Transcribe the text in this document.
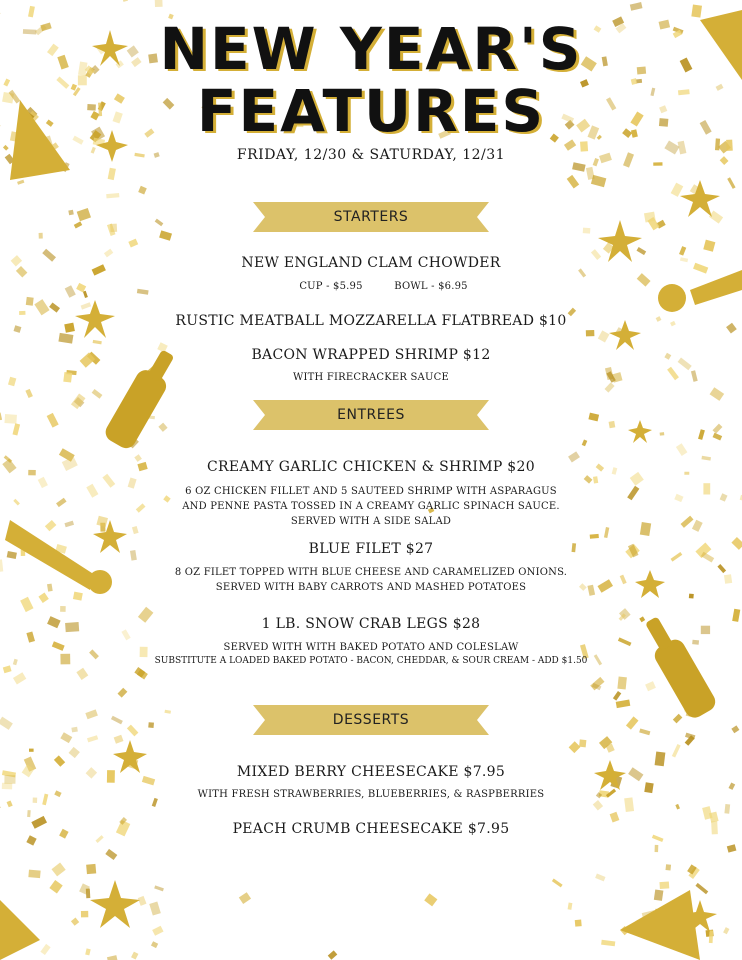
NEW YEAR'S
FEATURES
FRIDAY, 12/30 & SATURDAY, 12/31
STARTERS
NEW ENGLAND CLAM CHOWDER
CUP - $5.95	BOWL - $6.95
RUSTIC MEATBALL MOZZARELLA FLATBREAD $10
BACON WRAPPED SHRIMP $12
WITH FIRECRACKER SAUCE
ENTREES
CREAMY GARLIC CHICKEN & SHRIMP $20
6 OZ CHICKEN FILLET AND 5 SAUTEED SHRIMP WITH ASPARAGUS
AND PENNE PASTA TOSSED IN A CREAMY GARLIC SPINACH SAUCE.
SERVED WITH A SIDE SALAD
BLUE FILET $27
8 OZ FILET TOPPED WITH BLUE CHEESE AND CARAMELIZED ONIONS.
SERVED WITH BABY CARROTS AND MASHED POTATOES
1 LB. SNOW CRAB LEGS $28
SERVED WITH WITH BAKED POTATO AND COLESLAW
SUBSTITUTE A LOADED BAKED POTATO - BACON, CHEDDAR, & SOUR CREAM - ADD $1.50
DESSERTS
MIXED BERRY CHEESECAKE $7.95
WITH FRESH STRAWBERRIES, BLUEBERRIES, & RASPBERRIES
PEACH CRUMB CHEESECAKE $7.95
